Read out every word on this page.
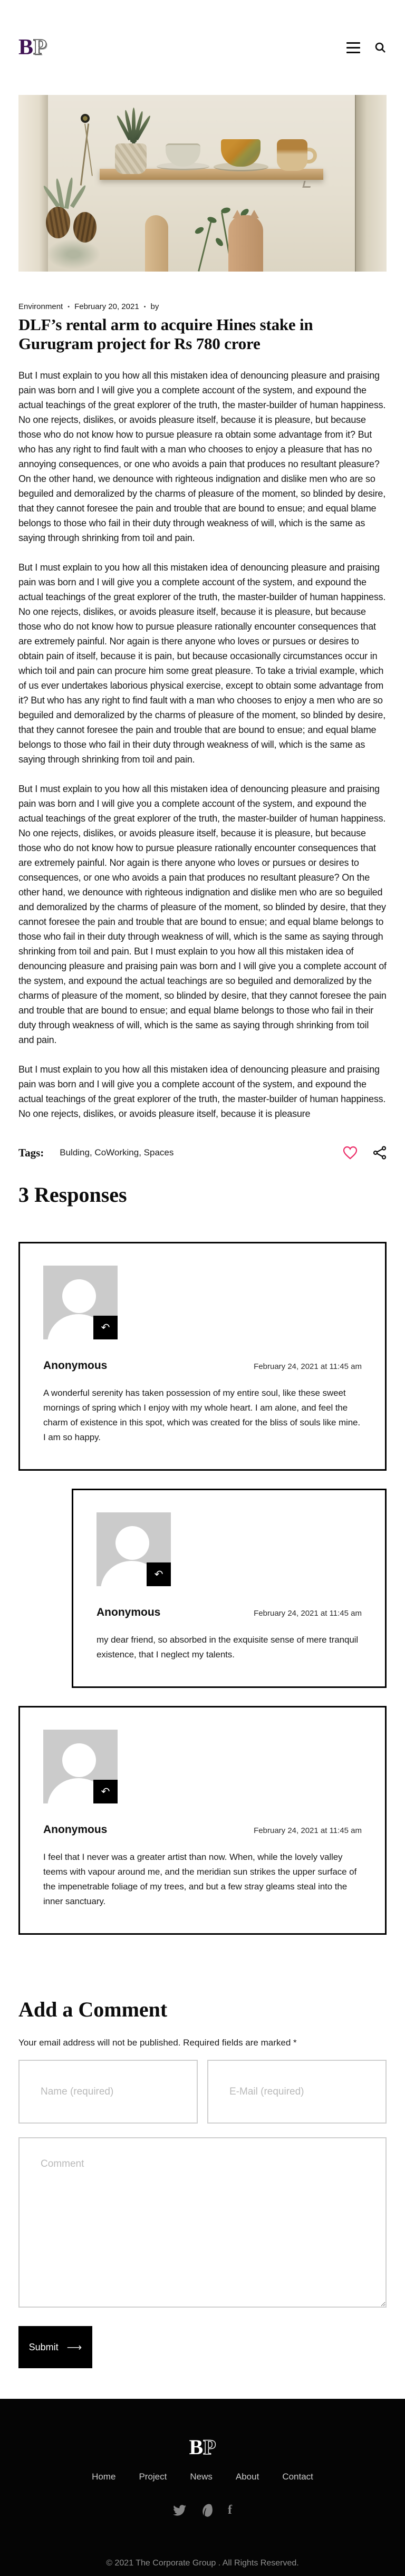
BP
Environment • February 20, 2021 • by
DLF’s rental arm to acquire Hines stake in Gurugram project for Rs 780 crore

But I must explain to you how all this mistaken idea of denouncing pleasure and praising pain was born and I will give you a complete account of the system, and expound the actual teachings of the great explorer of the truth, the master-builder of human happiness. No one rejects, dislikes, or avoids pleasure itself, because it is pleasure, but because those who do not know how to pursue pleasure ra obtain some advantage from it? But who has any right to find fault with a man who chooses to enjoy a pleasure that has no annoying consequences, or one who avoids a pain that produces no resultant pleasure? On the other hand, we denounce with righteous indignation and dislike men who are so beguiled and demoralized by the charms of pleasure of the moment, so blinded by desire, that they cannot foresee the pain and trouble that are bound to ensue; and equal blame belongs to those who fail in their duty through weakness of will, which is the same as saying through shrinking from toil and pain.

But I must explain to you how all this mistaken idea of denouncing pleasure and praising pain was born and I will give you a complete account of the system, and expound the actual teachings of the great explorer of the truth, the master-builder of human happiness. No one rejects, dislikes, or avoids pleasure itself, because it is pleasure, but because those who do not know how to pursue pleasure rationally encounter consequences that are extremely painful. Nor again is there anyone who loves or pursues or desires to obtain pain of itself, because it is pain, but because occasionally circumstances occur in which toil and pain can procure him some great pleasure. To take a trivial example, which of us ever undertakes laborious physical exercise, except to obtain some advantage from it? But who has any right to find fault with a man who chooses to enjoy a men who are so beguiled and demoralized by the charms of pleasure of the moment, so blinded by desire, that they cannot foresee the pain and trouble that are bound to ensue; and equal blame belongs to those who fail in their duty through weakness of will, which is the same as saying through shrinking from toil and pain.

But I must explain to you how all this mistaken idea of denouncing pleasure and praising pain was born and I will give you a complete account of the system, and expound the actual teachings of the great explorer of the truth, the master-builder of human happiness. No one rejects, dislikes, or avoids pleasure itself, because it is pleasure, but because those who do not know how to pursue pleasure rationally encounter consequences that are extremely painful. Nor again is there anyone who loves or pursues or desires to consequences, or one who avoids a pain that produces no resultant pleasure? On the other hand, we denounce with righteous indignation and dislike men who are so beguiled and demoralized by the charms of pleasure of the moment, so blinded by desire, that they cannot foresee the pain and trouble that are bound to ensue; and equal blame belongs to those who fail in their duty through weakness of will, which is the same as saying through shrinking from toil and pain. But I must explain to you how all this mistaken idea of denouncing pleasure and praising pain was born and I will give you a complete account of the system, and expound the actual teachings are so beguiled and demoralized by the charms of pleasure of the moment, so blinded by desire, that they cannot foresee the pain and trouble that are bound to ensue; and equal blame belongs to those who fail in their duty through weakness of will, which is the same as saying through shrinking from toil and pain.

But I must explain to you how all this mistaken idea of denouncing pleasure and praising pain was born and I will give you a complete account of the system, and expound the actual teachings of the great explorer of the truth, the master-builder of human happiness. No one rejects, dislikes, or avoids pleasure itself, because it is pleasure

Tags: Bulding, CoWorking, Spaces
3 Responses
↶
Anonymous	February 24, 2021 at 11:45 am

A wonderful serenity has taken possession of my entire soul, like these sweet mornings of spring which I enjoy with my whole heart. I am alone, and feel the charm of existence in this spot, which was created for the bliss of souls like mine. I am so happy.

↶
Anonymous	February 24, 2021 at 11:45 am

my dear friend, so absorbed in the exquisite sense of mere tranquil existence, that I neglect my talents.

↶
Anonymous	February 24, 2021 at 11:45 am

I feel that I never was a greater artist than now. When, while the lovely valley teems with vapour around me, and the meridian sun strikes the upper surface of the impenetrable foliage of my trees, and but a few stray gleams steal into the inner sanctuary.

Add a Comment

Your email address will not be published. Required fields are marked *

Name (required)
E-Mail (required)
Comment
Submit ⟶
BP
Home	Project	News	About	Contact
f

© 2021 The Corporate Group . All Rights Reserved.
